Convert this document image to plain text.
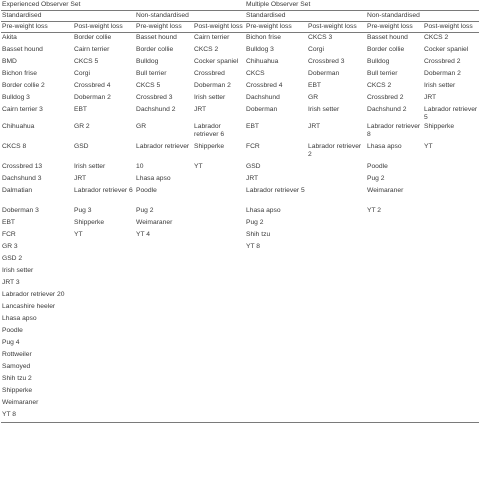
Experienced Observer Set				Multiple Observer Set			
Standardised		Non-standardised		Standardised		Non-standardised	
Pre-weight loss	Post-weight loss	Pre-weight loss	Post-weight loss	Pre-weight loss	Post-weight loss	Pre-weight loss	Post-weight loss
Akita	Border collie	Basset hound	Cairn terrier	Bichon frise	CKCS 3	Basset hound	CKCS 2
Basset hound	Cairn terrier	Border collie	CKCS 2	Bulldog 3	Corgi	Border collie	Cocker spaniel
BMD	CKCS 5	Bulldog	Cocker spaniel	Chihuahua	Crossbred 3	Bulldog	Crossbred 2
Bichon frise	Corgi	Bull terrier	Crossbred	CKCS	Doberman	Bull terrier	Doberman 2
Border collie 2	Crossbred 4	CKCS 5	Doberman 2	Crossbred 4	EBT	CKCS 2	Irish setter
Bulldog 3	Doberman 2	Crossbred 3	Irish setter	Dachshund	GR	Crossbred 2	JRT
Cairn terrier 3	EBT	Dachshund 2	JRT	Doberman	Irish setter	Dachshund 2	Labrador retriever 5
Chihuahua	GR 2	GR	Labrador retriever 6	EBT	JRT	Labrador retriever 8	Shipperke
CKCS 8	GSD	Labrador retriever	Shipperke	FCR	Labrador retriever 2	Lhasa apso	YT
Crossbred 13	Irish setter	10	YT	GSD		Poodle	
Dachshund 3	JRT	Lhasa apso		JRT		Pug 2	
Dalmatian	Labrador retriever 6	Poodle		Labrador retriever 5		Weimaraner	
Doberman 3	Pug 3	Pug 2		Lhasa apso		YT 2	
EBT	Shipperke	Weimaraner		Pug 2			
FCR	YT	YT 4		Shih tzu			
GR 3				YT 8			
GSD 2							
Irish setter							
JRT 3							
Labrador retriever 20							
Lancashire heeler							
Lhasa apso							
Poodle							
Pug 4							
Rottweiler							
Samoyed							
Shih tzu 2							
Shipperke							
Weimaraner							
YT 8							
